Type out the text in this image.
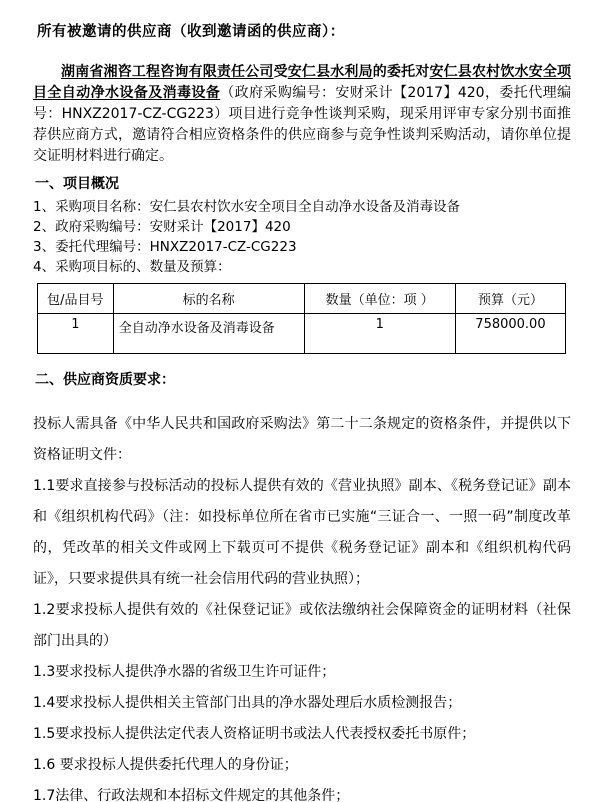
所有被邀请的供应商（收到邀请函的供应商）：

湖南省湘咨工程咨询有限责任公司受安仁县水利局的委托对安仁县农村饮水安全项目全自动净水设备及消毒设备（政府采购编号：安财采计【2017】420，委托代理编号：HNXZ2017-CZ-CG223）项目进行竞争性谈判采购，现采用评审专家分别书面推荐供应商方式，邀请符合相应资格条件的供应商参与竞争性谈判采购活动，请你单位提交证明材料进行确定。

一、项目概况
1、采购项目名称：安仁县农村饮水安全项目全自动净水设备及消毒设备
2、政府采购编号：安财采计【2017】420
3、委托代理编号：HNXZ2017-CZ-CG223
4、采购项目标的、数量及预算：
包/品目号	标的名称	数量（单位：项 ）	预算（元）
1	全自动净水设备及消毒设备	1	758000.00
二、供应商资质要求：

投标人需具备《中华人民共和国政府采购法》第二十二条规定的资格条件，并提供以下资格证明文件：

1.1要求直接参与投标活动的投标人提供有效的《营业执照》副本、《税务登记证》副本和《组织机构代码》（注：如投标单位所在省市已实施“三证合一、一照一码”制度改革的，凭改革的相关文件或网上下载页可不提供《税务登记证》副本和《组织机构代码证》，只要求提供具有统一社会信用代码的营业执照）；

1.2要求投标人提供有效的《社保登记证》或依法缴纳社会保障资金的证明材料（社保部门出具的）

1.3要求投标人提供净水器的省级卫生许可证件；

1.4要求投标人提供相关主管部门出具的净水器处理后水质检测报告；

1.5要求投标人提供法定代表人资格证明书或法人代表授权委托书原件；

1.6 要求投标人提供委托代理人的身份证；

1.7法律、行政法规和本招标文件规定的其他条件；
